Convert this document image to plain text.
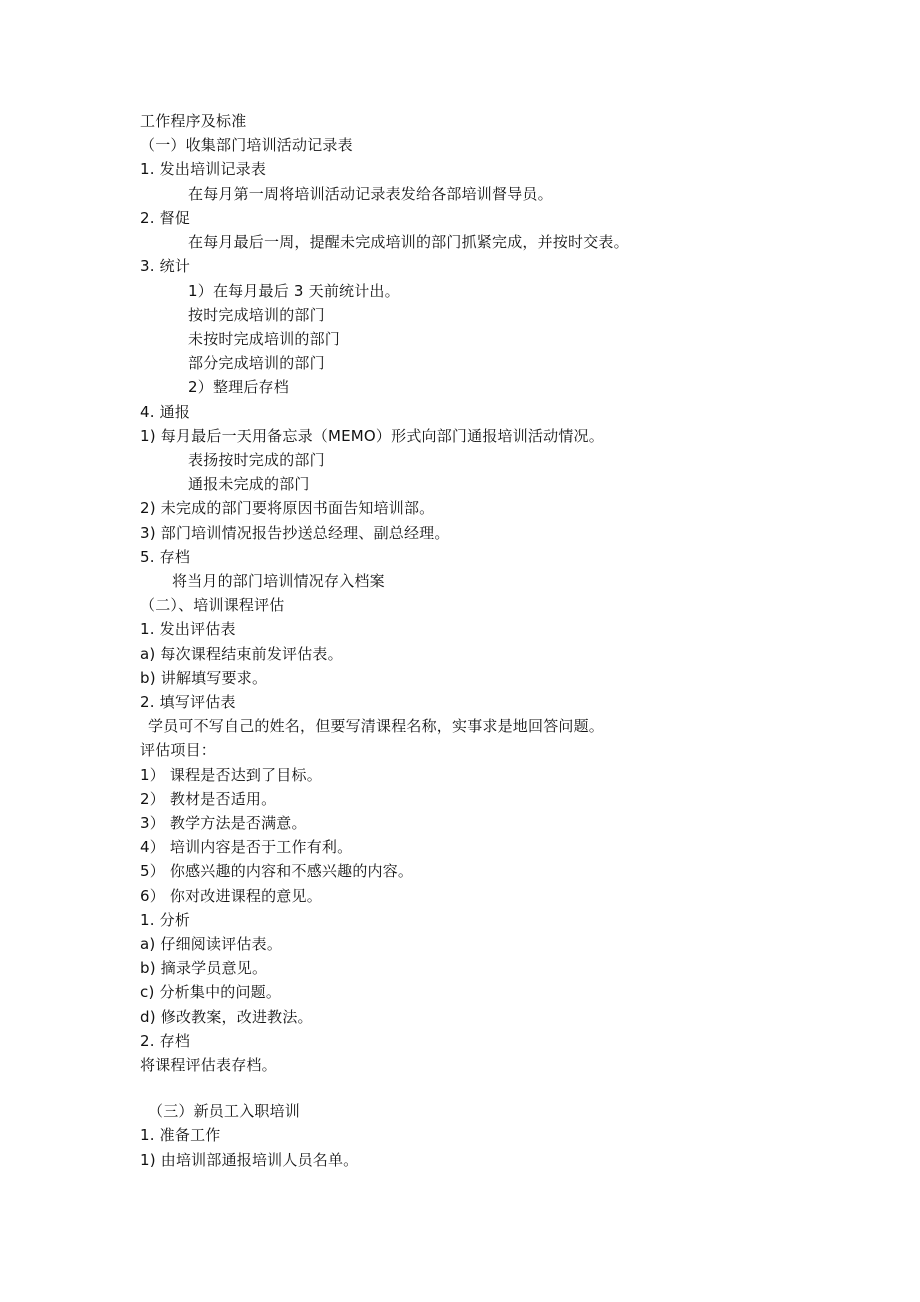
工作程序及标准
（一）收集部门培训活动记录表
1. 发出培训记录表
在每月第一周将培训活动记录表发给各部培训督导员。
2. 督促
在每月最后一周，提醒未完成培训的部门抓紧完成，并按时交表。
3. 统计
1）在每月最后 3 天前统计出。
按时完成培训的部门
未按时完成培训的部门
部分完成培训的部门
2）整理后存档
4. 通报
1) 每月最后一天用备忘录（MEMO）形式向部门通报培训活动情况。
表扬按时完成的部门
通报未完成的部门
2) 未完成的部门要将原因书面告知培训部。
3) 部门培训情况报告抄送总经理、副总经理。
5. 存档
将当月的部门培训情况存入档案
（二）、培训课程评估
1. 发出评估表
a) 每次课程结束前发评估表。
b) 讲解填写要求。
2. 填写评估表
学员可不写自己的姓名，但要写清课程名称，实事求是地回答问题。
评估项目：
1） 课程是否达到了目标。
2） 教材是否适用。
3） 教学方法是否满意。
4） 培训内容是否于工作有利。
5） 你感兴趣的内容和不感兴趣的内容。
6） 你对改进课程的意见。
1. 分析
a) 仔细阅读评估表。
b) 摘录学员意见。
c) 分析集中的问题。
d) 修改教案，改进教法。
2. 存档
将课程评估表存档。
（三）新员工入职培训
1. 准备工作
1) 由培训部通报培训人员名单。
